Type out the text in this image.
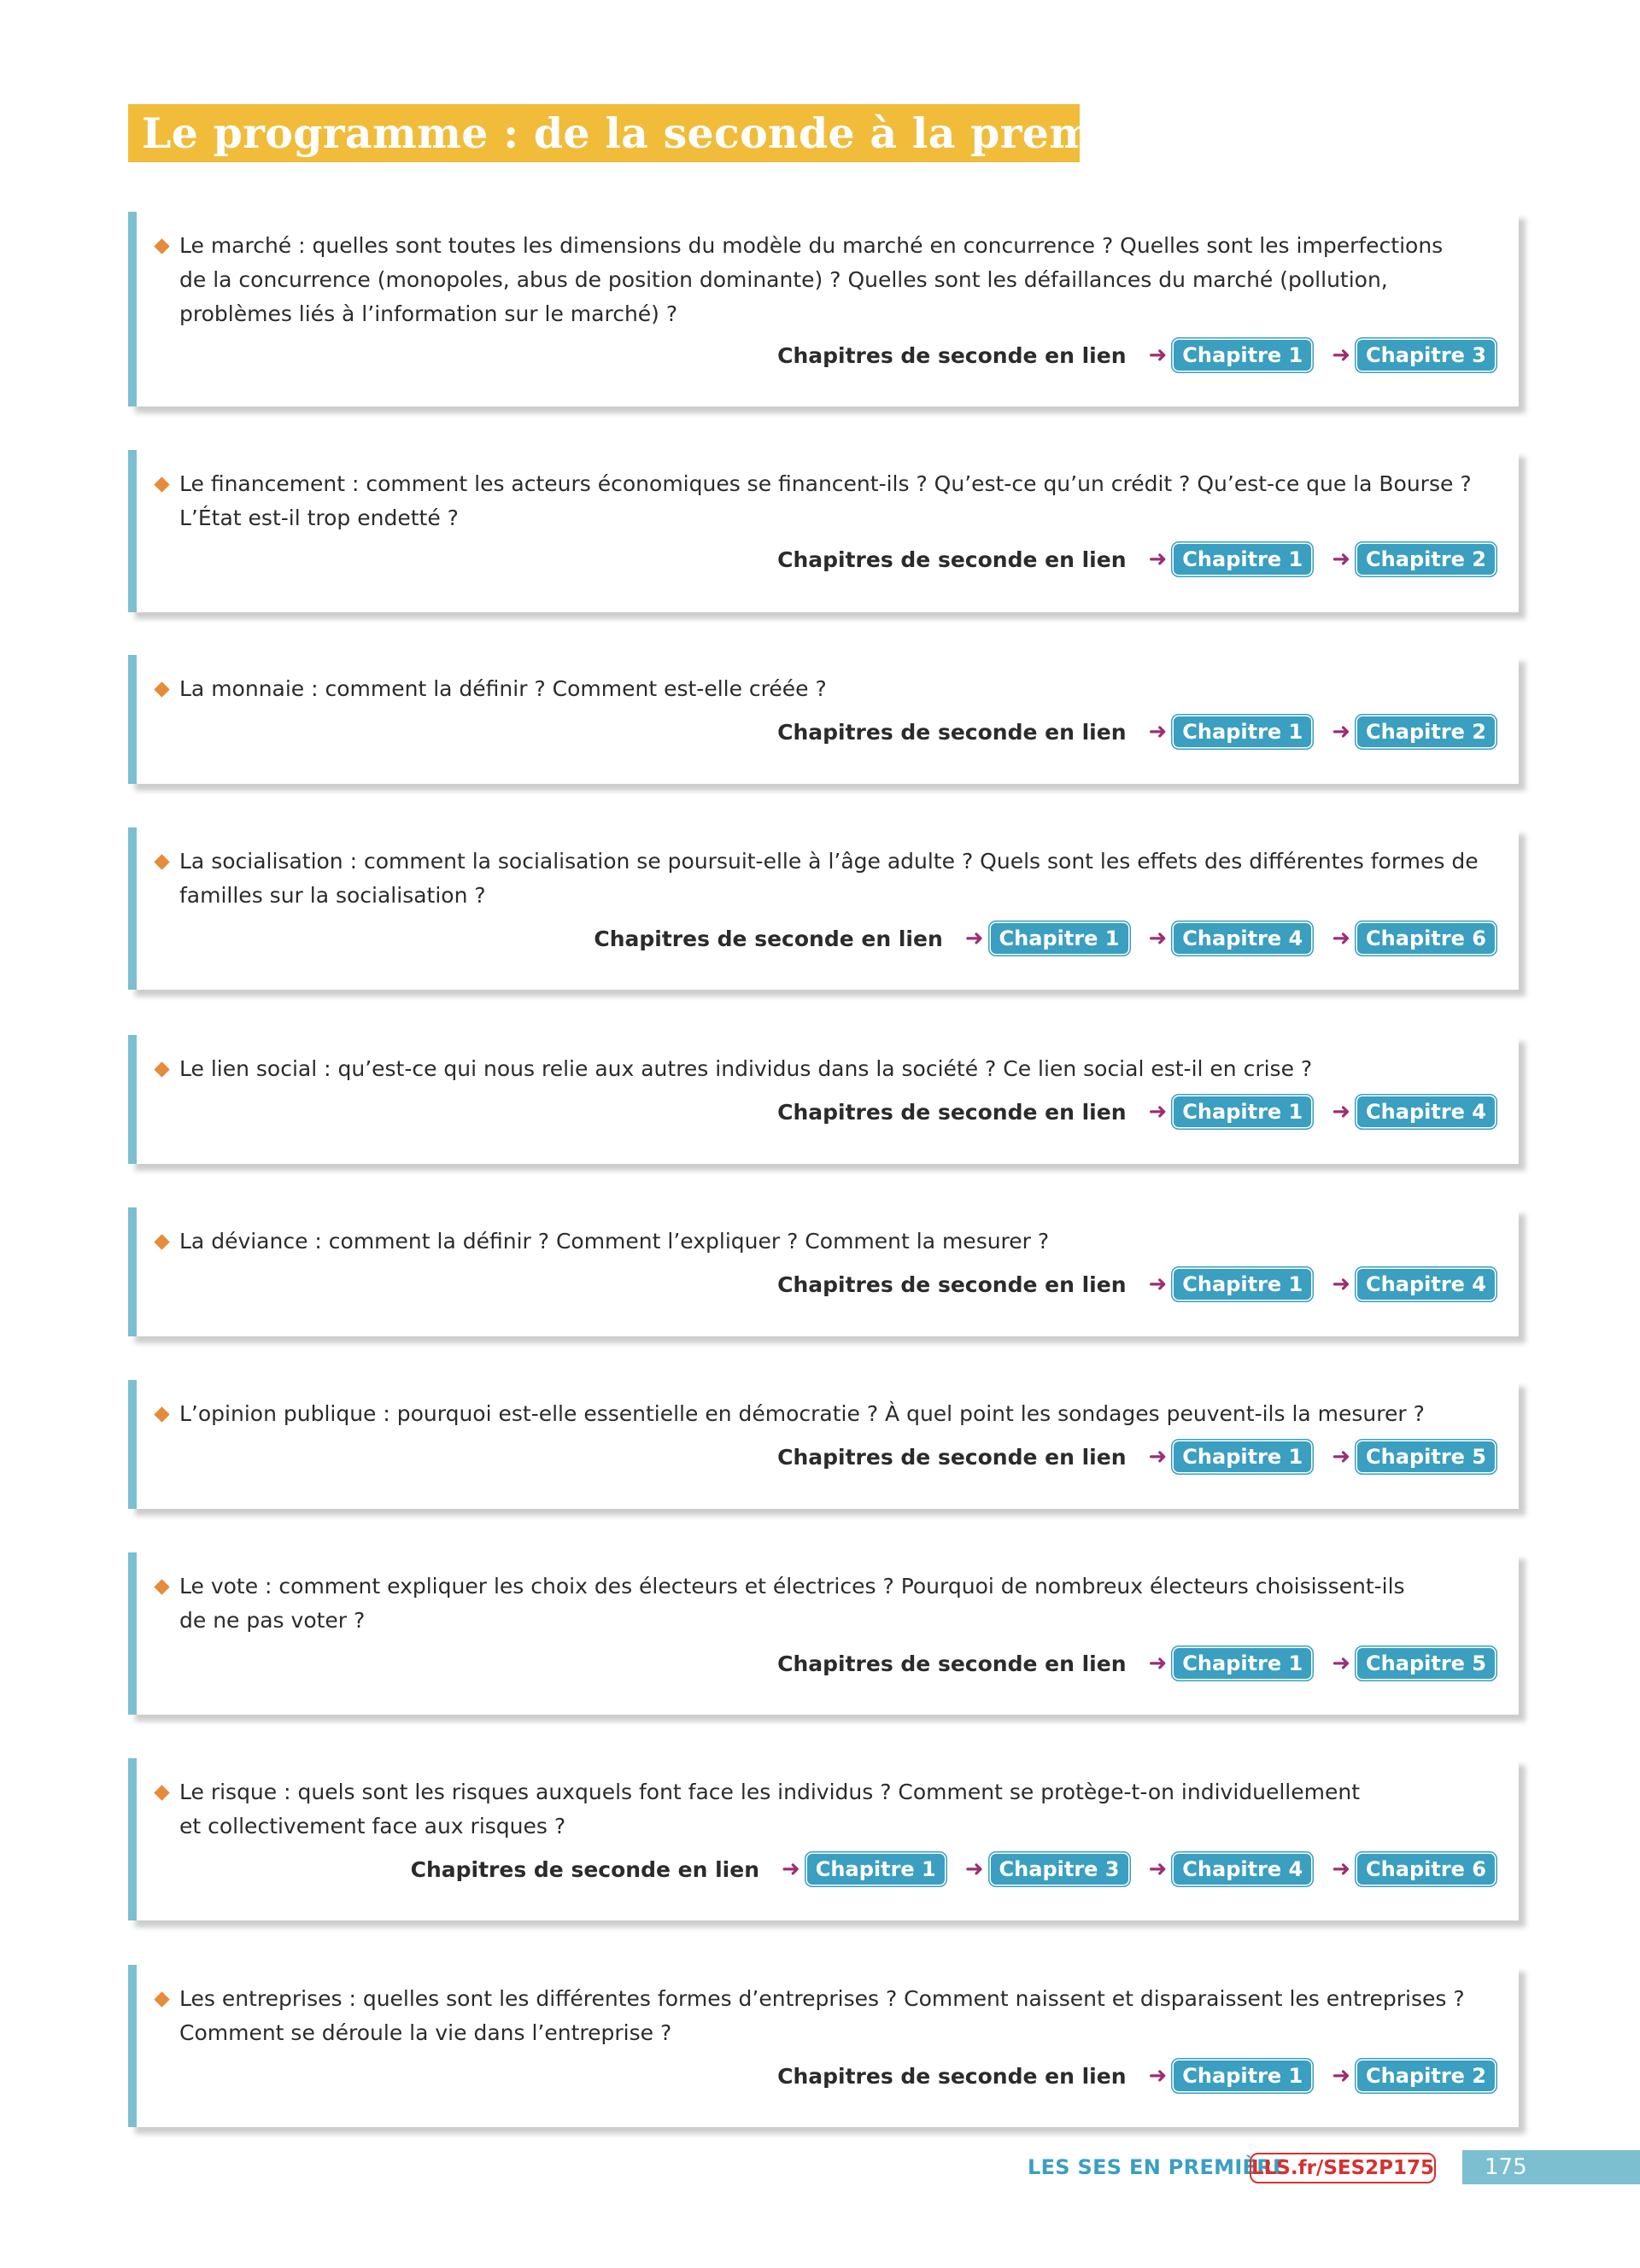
Le programme : de la seconde à la première
Le marché : quelles sont toutes les dimensions du modèle du marché en concurrence ? Quelles sont les imperfections
de la concurrence (monopoles, abus de position dominante) ? Quelles sont les défaillances du marché (pollution,
problèmes liés à l’information sur le marché) ?
Chapitres de seconde en lien ➜ Chapitre 1	➜ Chapitre 3
Le financement : comment les acteurs économiques se financent-ils ? Qu’est-ce qu’un crédit ? Qu’est-ce que la Bourse ?
L’État est-il trop endetté ?
Chapitres de seconde en lien ➜ Chapitre 1	➜ Chapitre 2
La monnaie : comment la définir ? Comment est-elle créée ?
Chapitres de seconde en lien ➜ Chapitre 1	➜ Chapitre 2
La socialisation : comment la socialisation se poursuit-elle à l’âge adulte ? Quels sont les effets des différentes formes de
familles sur la socialisation ?
Chapitres de seconde en lien ➜ Chapitre 1	➜ Chapitre 4	➜ Chapitre 6
Le lien social : qu’est-ce qui nous relie aux autres individus dans la société ? Ce lien social est-il en crise ?
Chapitres de seconde en lien ➜ Chapitre 1	➜ Chapitre 4
La déviance : comment la définir ? Comment l’expliquer ? Comment la mesurer ?
Chapitres de seconde en lien ➜ Chapitre 1	➜ Chapitre 4
L’opinion publique : pourquoi est-elle essentielle en démocratie ? À quel point les sondages peuvent-ils la mesurer ?
Chapitres de seconde en lien ➜ Chapitre 1	➜ Chapitre 5
Le vote : comment expliquer les choix des électeurs et électrices ? Pourquoi de nombreux électeurs choisissent-ils
de ne pas voter ?
Chapitres de seconde en lien ➜ Chapitre 1	➜ Chapitre 5
Le risque : quels sont les risques auxquels font face les individus ? Comment se protège-t-on individuellement
et collectivement face aux risques ?
Chapitres de seconde en lien ➜ Chapitre 1	➜ Chapitre 3	➜ Chapitre 4	➜ Chapitre 6
Les entreprises : quelles sont les différentes formes d’entreprises ? Comment naissent et disparaissent les entreprises ?
Comment se déroule la vie dans l’entreprise ?
Chapitres de seconde en lien ➜ Chapitre 1	➜ Chapitre 2
LES SES EN PREMIÈRE
LLS.fr/SES2P175	175
